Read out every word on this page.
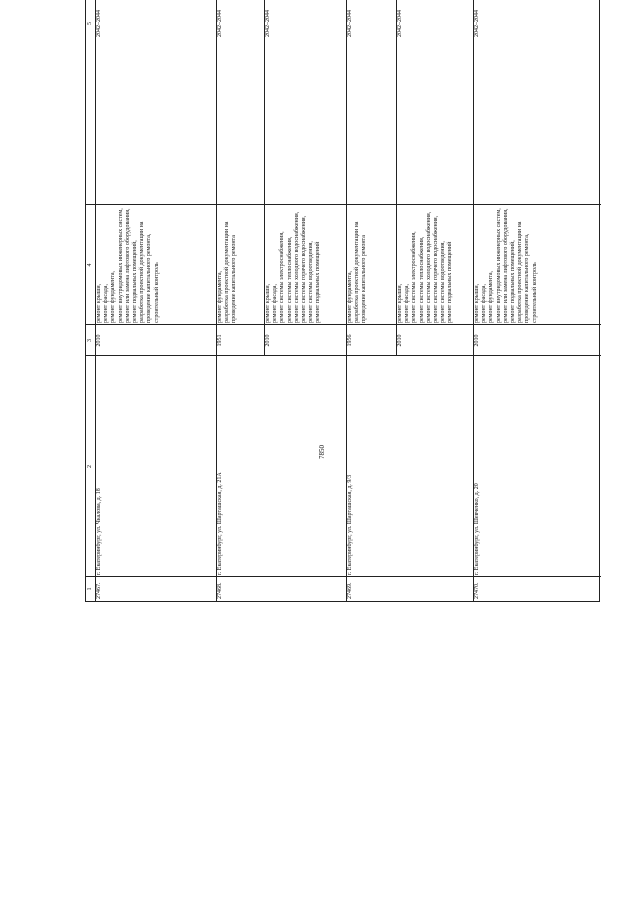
7850
1
2
3
4
5
27467.
г. Екатеринбург, ул. Чкалова, д. 18
2010
ремонт крыши, ремонт фасада, ремонт фундамента, ремонт внутридомовых инженерных систем, ремонт или замена лифтового оборудования, ремонт подвальных помещений, разработка проектной документации на проведение капитального ремонта, строительный контроль
2042–2044
27468.
г. Екатеринбург, ул. Шарташская, д. 21А
1951
ремонт фундамента, разработка проектной документации на проведение капитального ремонта
2042–2044
2010
ремонт крыши, ремонт фасада, ремонт системы электроснабжения, ремонт системы теплоснабжения, ремонт системы холодного водоснабжения, ремонт системы горячего водоснабжения, ремонт системы водоотведения, ремонт подвальных помещений
2042–2044
27469.
г. Екатеринбург, ул. Шарташская, д. 9/3
1956
ремонт фундамента, разработка проектной документации на проведение капитального ремонта
2042–2044
2010
ремонт крыши, ремонт фасада, ремонт системы электроснабжения, ремонт системы теплоснабжения, ремонт системы холодного водоснабжения, ремонт системы горячего водоснабжения, ремонт системы водоотведения, ремонт подвальных помещений
2042–2044
27470.
г. Екатеринбург, ул. Шевченко, д. 20
2010
ремонт крыши, ремонт фасада, ремонт фундамента, ремонт внутридомовых инженерных систем, ремонт или замена лифтового оборудования, ремонт подвальных помещений, разработка проектной документации на проведение капитального ремонта, строительный контроль
2042–2044
